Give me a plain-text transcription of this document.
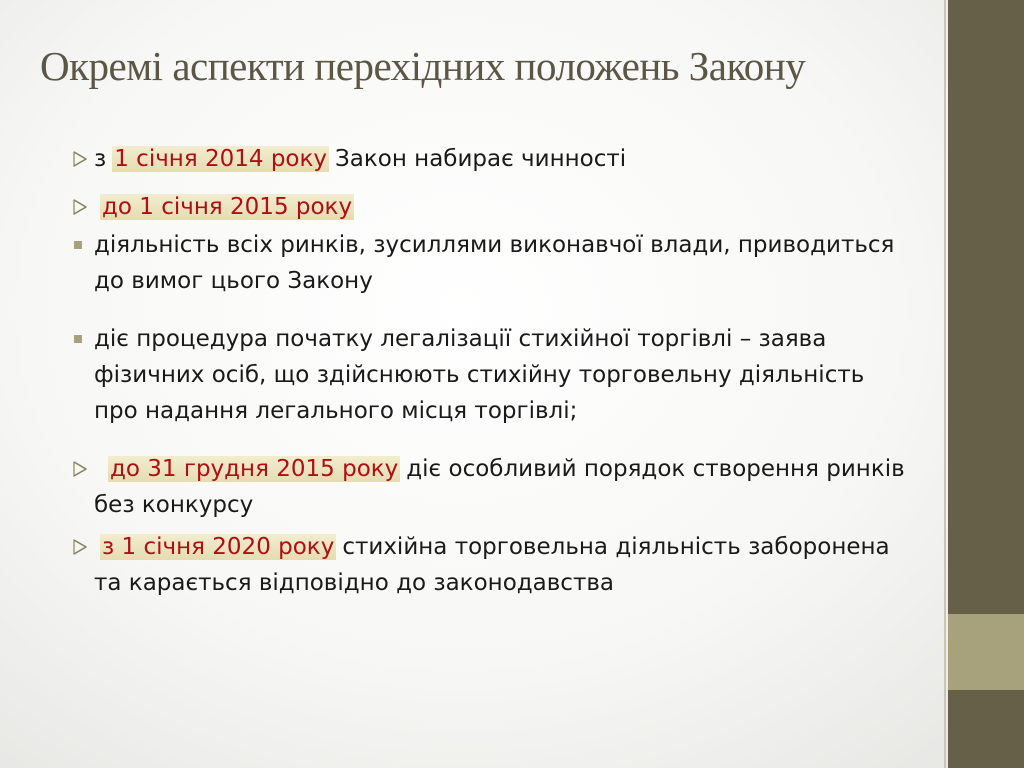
Окремі аспекти перехідних положень Закону
з 1 січня 2014 року Закон набирає чинності
до 1 січня 2015 року
діяльність всіх ринків, зусиллями виконавчої влади, приводиться до вимог цього Закону
діє процедура початку легалізації стихійної торгівлі – заява фізичних осіб, що здійснюють стихійну торговельну діяльність про надання легального місця торгівлі;
до 31 грудня 2015 року діє особливий порядок створення ринків без конкурсу
з 1 січня 2020 року стихійна торговельна діяльність заборонена та карається відповідно до законодавства
